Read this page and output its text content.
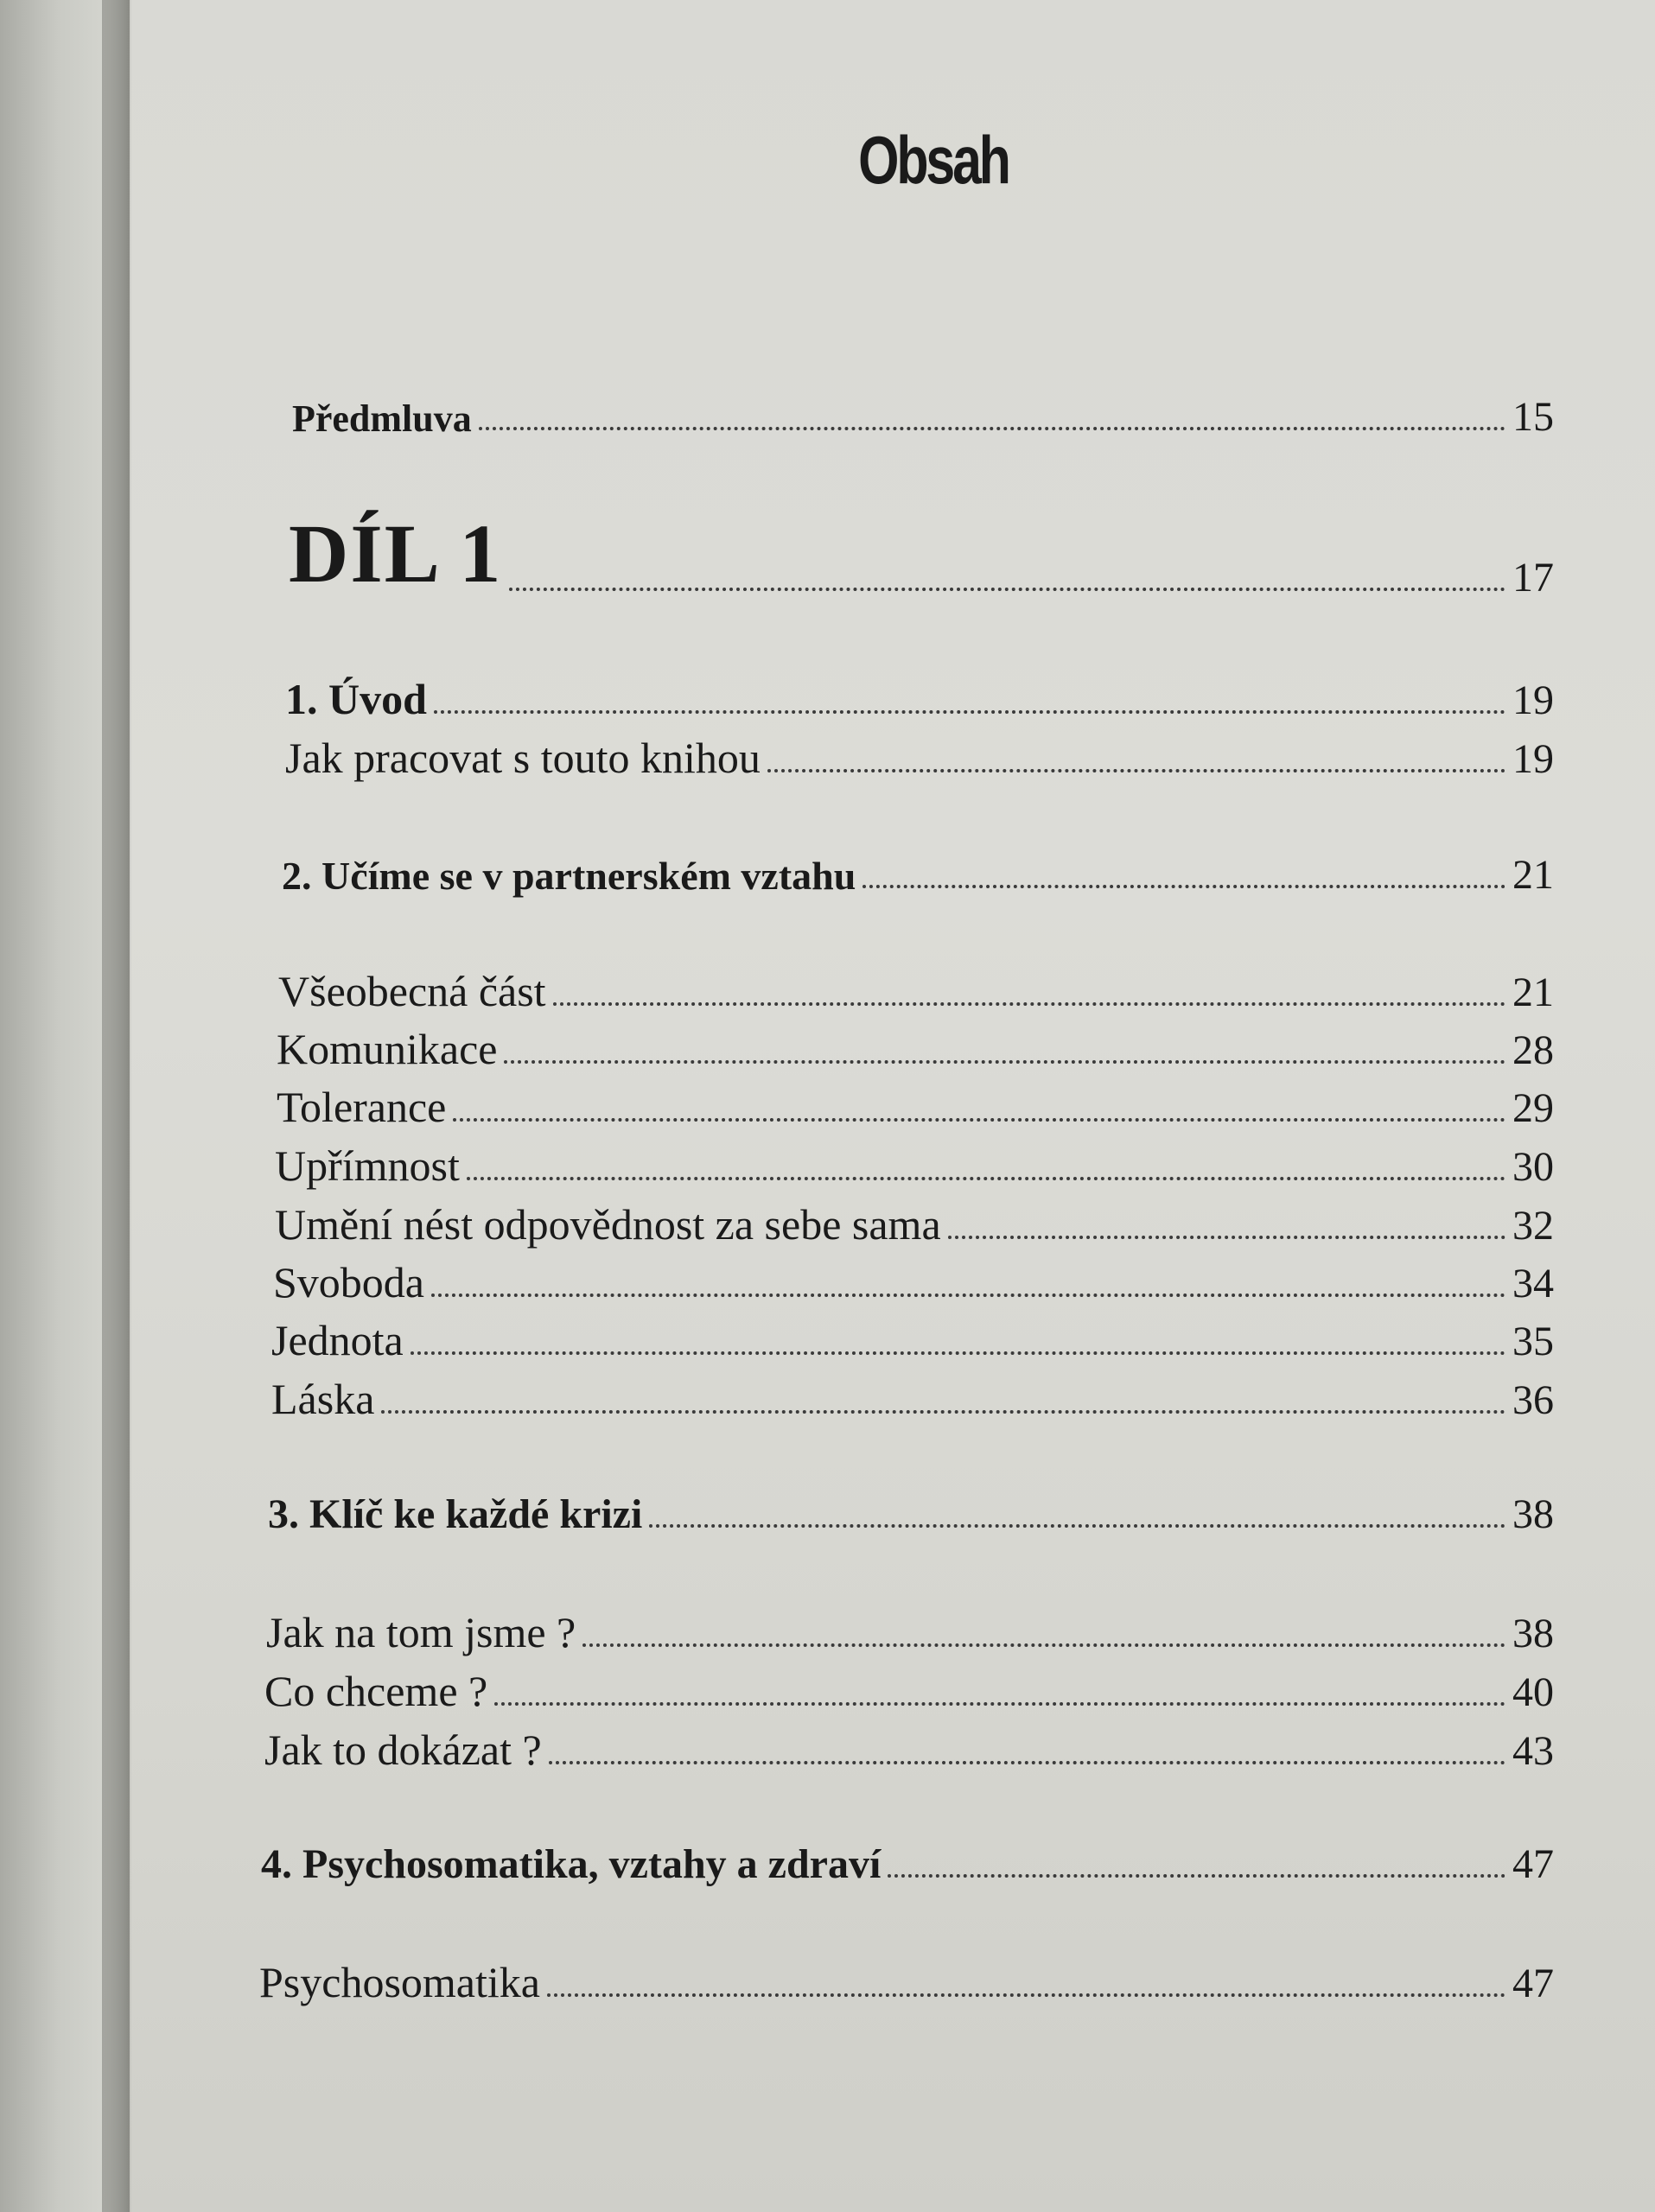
Obsah
Předmluva	15
DÍL 1	17
1. Úvod	19
Jak pracovat s touto knihou	19
2. Učíme se v partnerském vztahu	21
Všeobecná část	21
Komunikace	28
Tolerance	29
Upřímnost	30
Umění nést odpovědnost za sebe sama	32
Svoboda	34
Jednota	35
Láska	36
3. Klíč ke každé krizi	38
Jak na tom jsme ?	38
Co chceme ?	40
Jak to dokázat ?	43
4. Psychosomatika, vztahy a zdraví	47
Psychosomatika	47
